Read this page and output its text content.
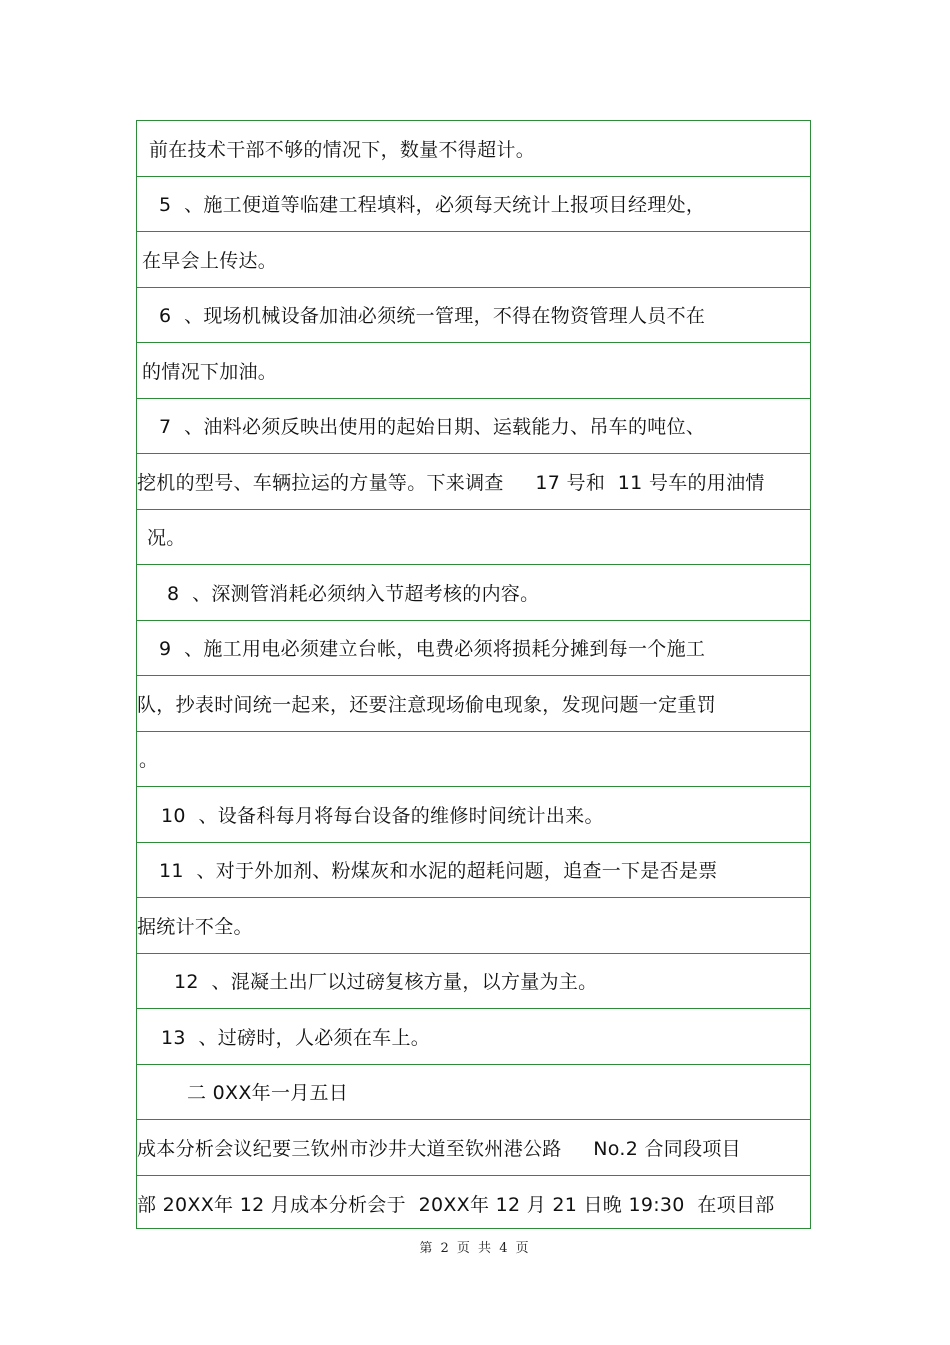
前在技术干部不够的情况下，数量不得超计。
5  、施工便道等临建工程填料，必须每天统计上报项目经理处，
在早会上传达。
6  、现场机械设备加油必须统一管理，不得在物资管理人员不在
的情况下加油。
7  、油料必须反映出使用的起始日期、运载能力、吊车的吨位、
挖机的型号、车辆拉运的方量等。下来调查     17 号和  11 号车的用油情
况。
8  、深测管消耗必须纳入节超考核的内容。
9  、施工用电必须建立台帐，电费必须将损耗分摊到每一个施工
队，抄表时间统一起来，还要注意现场偷电现象，发现问题一定重罚
。
10  、设备科每月将每台设备的维修时间统计出来。
11  、对于外加剂、粉煤灰和水泥的超耗问题，追查一下是否是票
据统计不全。
12  、混凝土出厂以过磅复核方量，以方量为主。
13  、过磅时，人必须在车上。
二 0XX年一月五日
成本分析会议纪要三钦州市沙井大道至钦州港公路     No.2 合同段项目
部 20XX年 12 月成本分析会于  20XX年 12 月 21 日晚 19:30  在项目部
第 2 页 共 4 页
